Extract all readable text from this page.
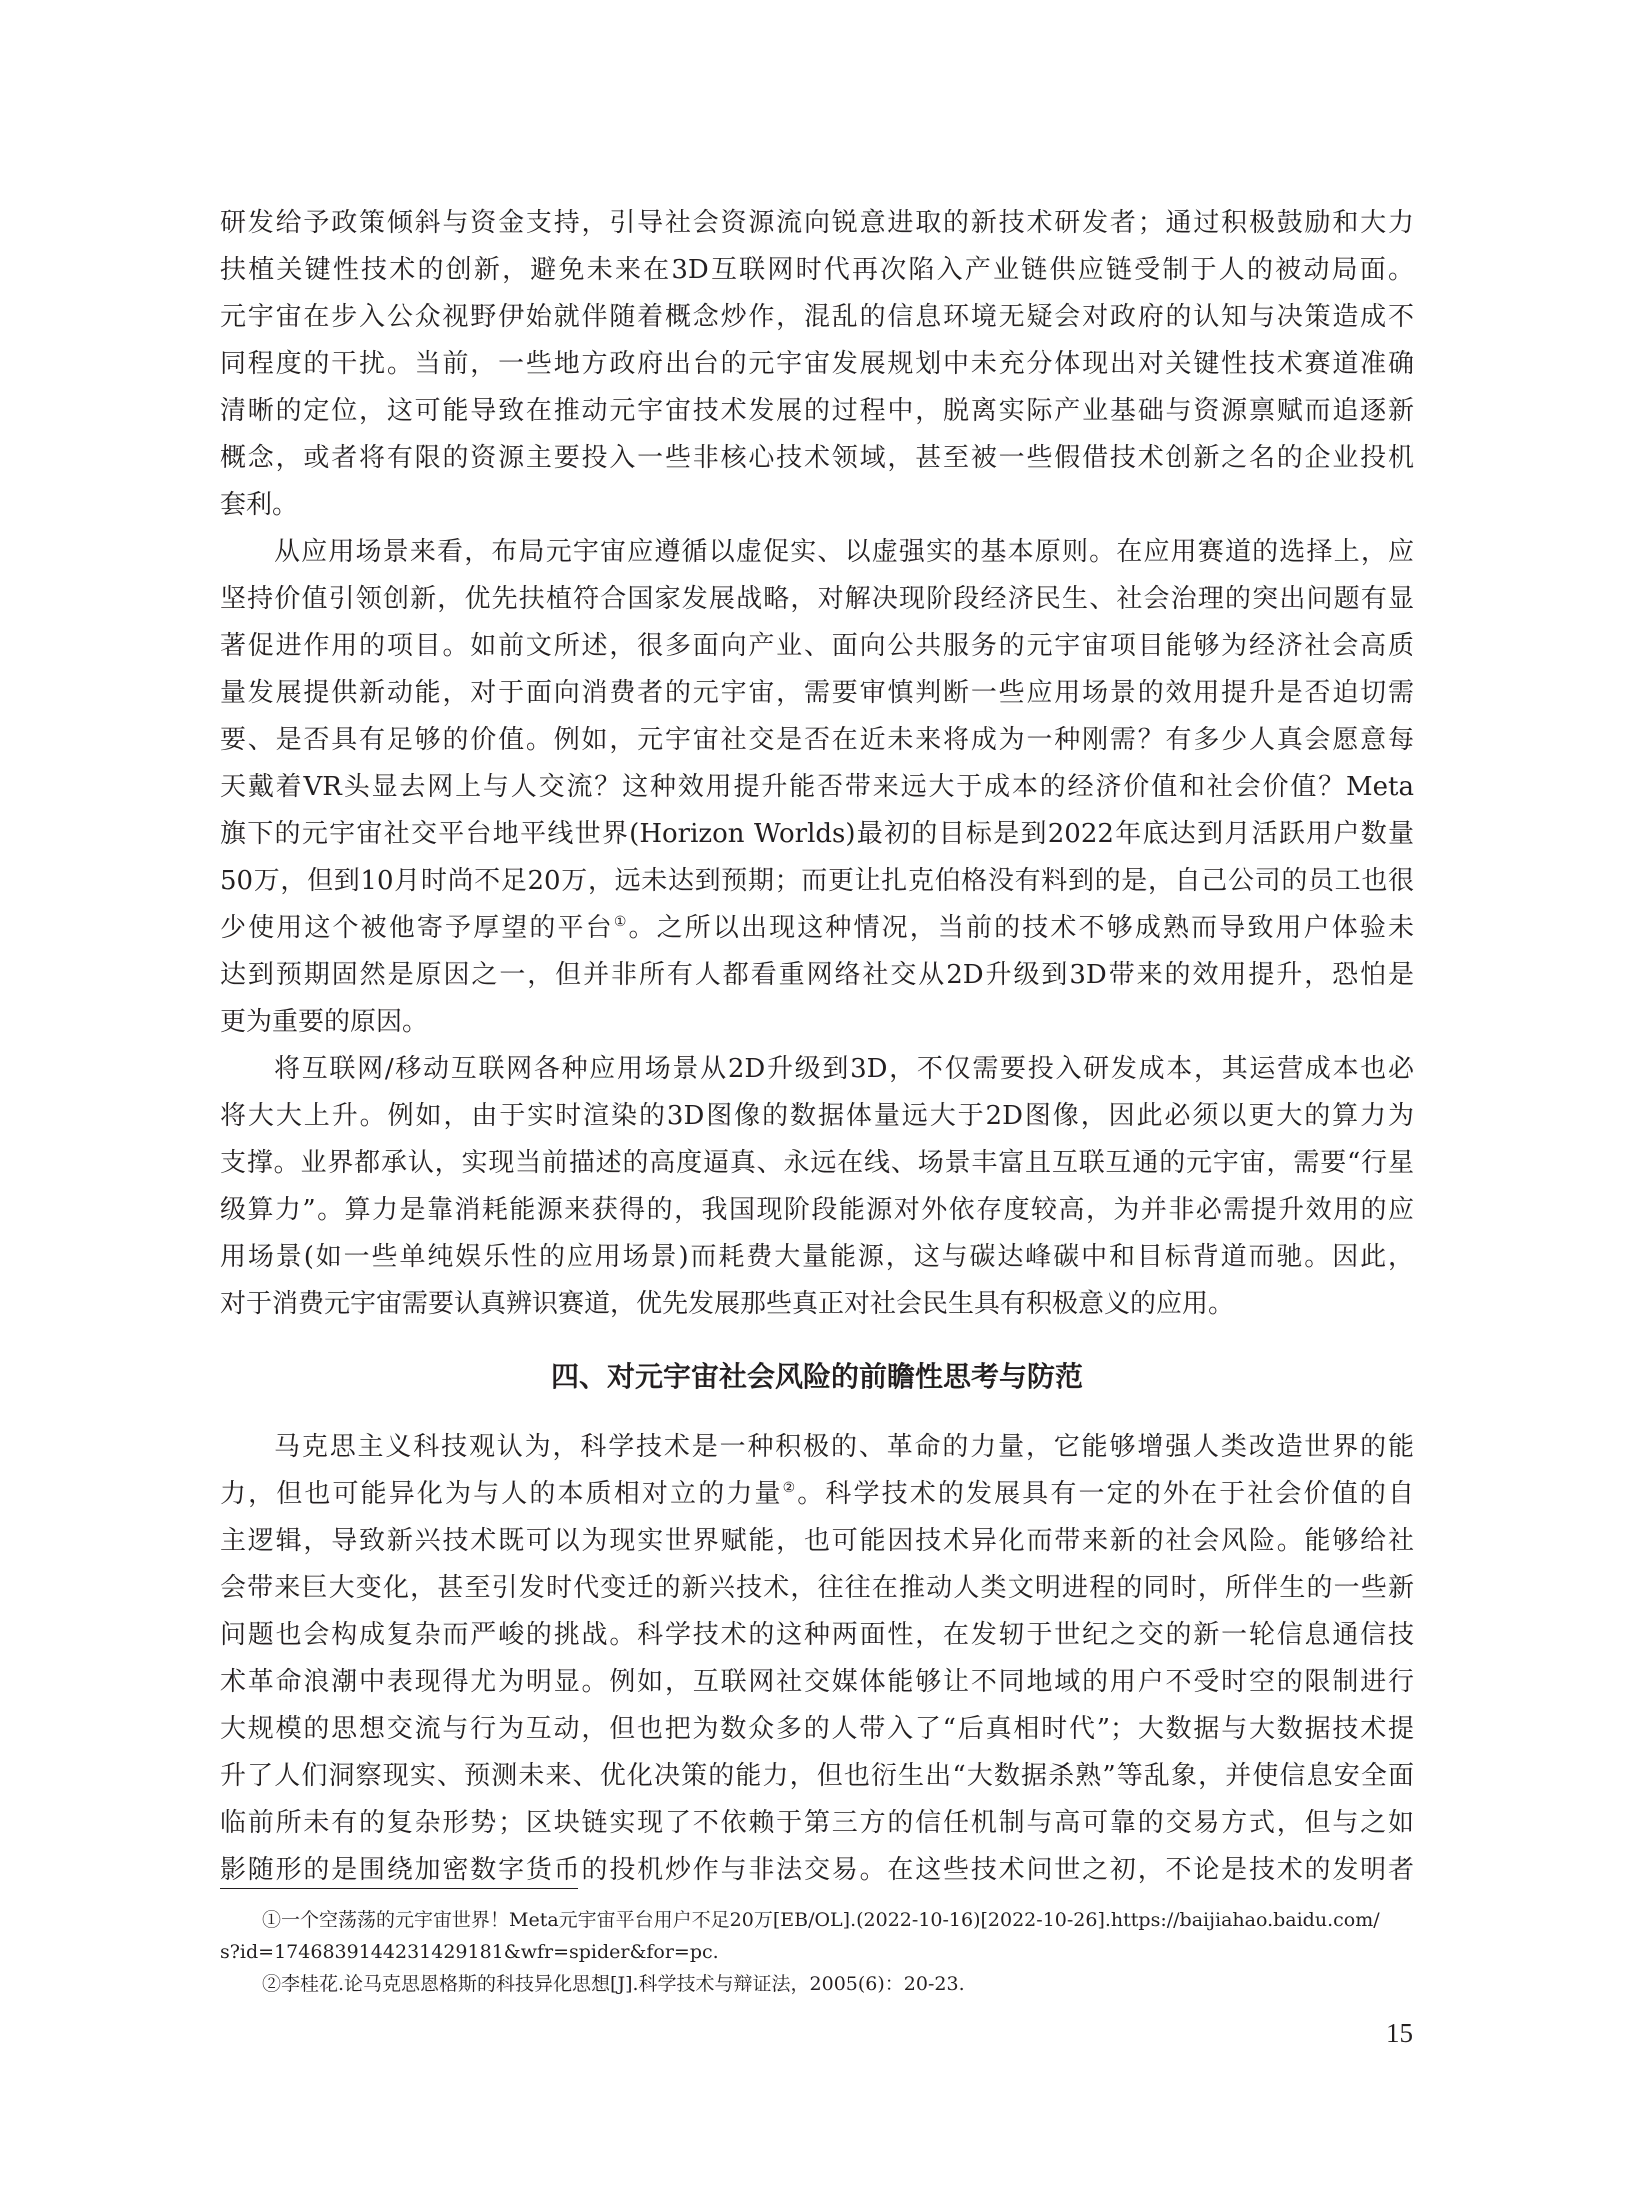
研发给予政策倾斜与资金支持，引导社会资源流向锐意进取的新技术研发者；通过积极鼓励和大力
扶植关键性技术的创新，避免未来在3D互联网时代再次陷入产业链供应链受制于人的被动局面。
元宇宙在步入公众视野伊始就伴随着概念炒作，混乱的信息环境无疑会对政府的认知与决策造成不
同程度的干扰。当前，一些地方政府出台的元宇宙发展规划中未充分体现出对关键性技术赛道准确
清晰的定位，这可能导致在推动元宇宙技术发展的过程中，脱离实际产业基础与资源禀赋而追逐新
概念，或者将有限的资源主要投入一些非核心技术领域，甚至被一些假借技术创新之名的企业投机
套利。
从应用场景来看，布局元宇宙应遵循以虚促实、以虚强实的基本原则。在应用赛道的选择上，应
坚持价值引领创新，优先扶植符合国家发展战略，对解决现阶段经济民生、社会治理的突出问题有显
著促进作用的项目。如前文所述，很多面向产业、面向公共服务的元宇宙项目能够为经济社会高质
量发展提供新动能，对于面向消费者的元宇宙，需要审慎判断一些应用场景的效用提升是否迫切需
要、是否具有足够的价值。例如，元宇宙社交是否在近未来将成为一种刚需？有多少人真会愿意每
天戴着VR头显去网上与人交流？这种效用提升能否带来远大于成本的经济价值和社会价值？Meta
旗下的元宇宙社交平台地平线世界(Horizon Worlds)最初的目标是到2022年底达到月活跃用户数量
50万，但到10月时尚不足20万，远未达到预期；而更让扎克伯格没有料到的是，自己公司的员工也很
少使用这个被他寄予厚望的平台①。之所以出现这种情况，当前的技术不够成熟而导致用户体验未
达到预期固然是原因之一，但并非所有人都看重网络社交从2D升级到3D带来的效用提升，恐怕是
更为重要的原因。
将互联网/移动互联网各种应用场景从2D升级到3D，不仅需要投入研发成本，其运营成本也必
将大大上升。例如，由于实时渲染的3D图像的数据体量远大于2D图像，因此必须以更大的算力为
支撑。业界都承认，实现当前描述的高度逼真、永远在线、场景丰富且互联互通的元宇宙，需要“行星
级算力”。算力是靠消耗能源来获得的，我国现阶段能源对外依存度较高，为并非必需提升效用的应
用场景(如一些单纯娱乐性的应用场景)而耗费大量能源，这与碳达峰碳中和目标背道而驰。因此，
对于消费元宇宙需要认真辨识赛道，优先发展那些真正对社会民生具有积极意义的应用。
四、对元宇宙社会风险的前瞻性思考与防范
马克思主义科技观认为，科学技术是一种积极的、革命的力量，它能够增强人类改造世界的能
力，但也可能异化为与人的本质相对立的力量②。科学技术的发展具有一定的外在于社会价值的自
主逻辑，导致新兴技术既可以为现实世界赋能，也可能因技术异化而带来新的社会风险。能够给社
会带来巨大变化，甚至引发时代变迁的新兴技术，往往在推动人类文明进程的同时，所伴生的一些新
问题也会构成复杂而严峻的挑战。科学技术的这种两面性，在发轫于世纪之交的新一轮信息通信技
术革命浪潮中表现得尤为明显。例如，互联网社交媒体能够让不同地域的用户不受时空的限制进行
大规模的思想交流与行为互动，但也把为数众多的人带入了“后真相时代”；大数据与大数据技术提
升了人们洞察现实、预测未来、优化决策的能力，但也衍生出“大数据杀熟”等乱象，并使信息安全面
临前所未有的复杂形势；区块链实现了不依赖于第三方的信任机制与高可靠的交易方式，但与之如
影随形的是围绕加密数字货币的投机炒作与非法交易。在这些技术问世之初，不论是技术的发明者
①一个空荡荡的元宇宙世界！Meta元宇宙平台用户不足20万[EB/OL].(2022-10-16)[2022-10-26].https://baijiahao.baidu.com/
s?id=1746839144231429181&wfr=spider&for=pc.
②李桂花.论马克思恩格斯的科技异化思想[J].科学技术与辩证法，2005(6)：20-23.
15
